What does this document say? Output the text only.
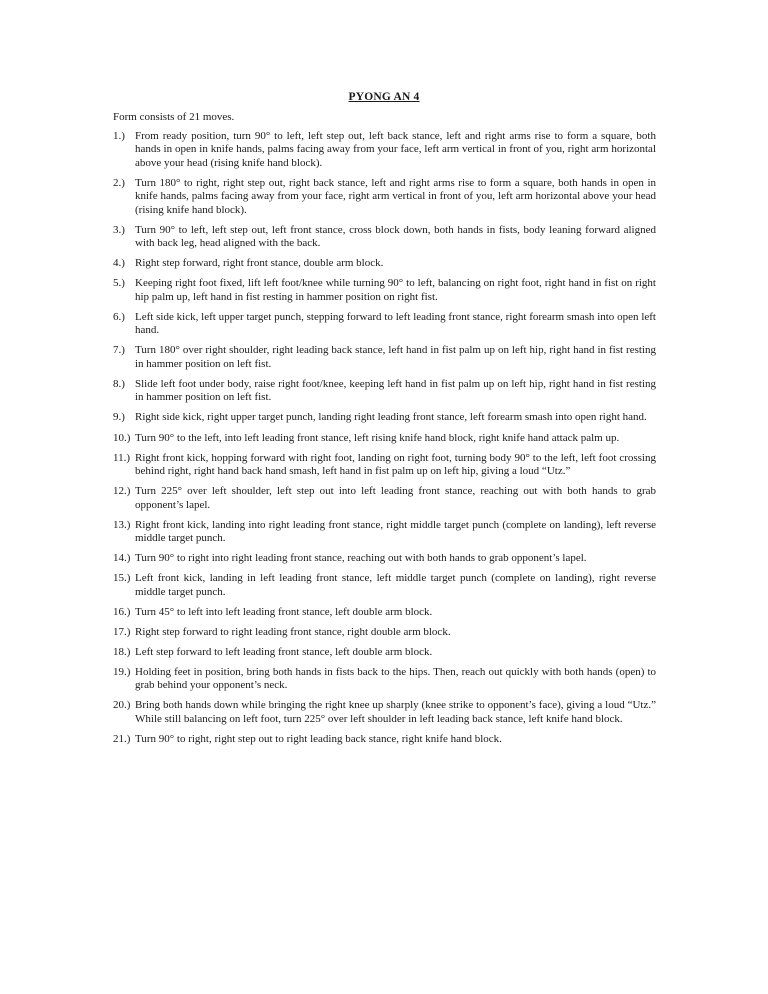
PYONG AN 4
Form consists of 21 moves.
1.) From ready position, turn 90° to left, left step out, left back stance, left and right arms rise to form a square, both hands in open in knife hands, palms facing away from your face, left arm vertical in front of you, right arm horizontal above your head (rising knife hand block).
2.) Turn 180° to right, right step out, right back stance, left and right arms rise to form a square, both hands in open in knife hands, palms facing away from your face, right arm vertical in front of you, left arm horizontal above your head (rising knife hand block).
3.) Turn 90° to left, left step out, left front stance, cross block down, both hands in fists, body leaning forward aligned with back leg, head aligned with the back.
4.) Right step forward, right front stance, double arm block.
5.) Keeping right foot fixed, lift left foot/knee while turning 90° to left, balancing on right foot, right hand in fist on right hip palm up, left hand in fist resting in hammer position on right fist.
6.) Left side kick, left upper target punch, stepping forward to left leading front stance, right forearm smash into open left hand.
7.) Turn 180° over right shoulder, right leading back stance, left hand in fist palm up on left hip, right hand in fist resting in hammer position on left fist.
8.) Slide left foot under body, raise right foot/knee, keeping left hand in fist palm up on left hip, right hand in fist resting in hammer position on left fist.
9.) Right side kick, right upper target punch, landing right leading front stance, left forearm smash into open right hand.
10.) Turn 90° to the left, into left leading front stance, left rising knife hand block, right knife hand attack palm up.
11.) Right front kick, hopping forward with right foot, landing on right foot, turning body 90° to the left, left foot crossing behind right, right hand back hand smash, left hand in fist palm up on left hip, giving a loud “Utz.”
12.) Turn 225° over left shoulder, left step out into left leading front stance, reaching out with both hands to grab opponent’s lapel.
13.) Right front kick, landing into right leading front stance, right middle target punch (complete on landing), left reverse middle target punch.
14.) Turn 90° to right into right leading front stance, reaching out with both hands to grab opponent’s lapel.
15.) Left front kick, landing in left leading front stance, left middle target punch (complete on landing), right reverse middle target punch.
16.) Turn 45° to left into left leading front stance, left double arm block.
17.) Right step forward to right leading front stance, right double arm block.
18.) Left step forward to left leading front stance, left double arm block.
19.) Holding feet in position, bring both hands in fists back to the hips. Then, reach out quickly with both hands (open) to grab behind your opponent’s neck.
20.) Bring both hands down while bringing the right knee up sharply (knee strike to opponent’s face), giving a loud “Utz.” While still balancing on left foot, turn 225° over left shoulder in left leading back stance, left knife hand block.
21.) Turn 90° to right, right step out to right leading back stance, right knife hand block.
